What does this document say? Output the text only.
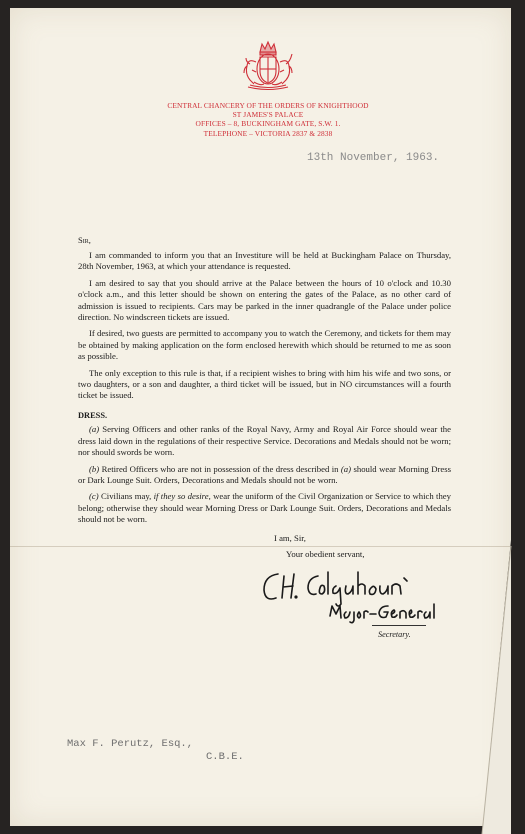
CENTRAL CHANCERY OF THE ORDERS OF KNIGHTHOOD
ST JAMES'S PALACE
OFFICES – 8, BUCKINGHAM GATE, S.W. 1.
TELEPHONE – VICTORIA 2837 & 2838
13th November, 1963.
Sir,

I am commanded to inform you that an Investiture will be held at Buckingham Palace on Thursday, 28th November, 1963, at which your attendance is requested.

I am desired to say that you should arrive at the Palace between the hours of 10 o'clock and 10.30 o'clock a.m., and this letter should be shown on entering the gates of the Palace, as no other card of admission is issued to recipients. Cars may be parked in the inner quadrangle of the Palace under police direction. No windscreen tickets are issued.

If desired, two guests are permitted to accompany you to watch the Ceremony, and tickets for them may be obtained by making application on the form enclosed herewith which should be returned to me as soon as possible.

The only exception to this rule is that, if a recipient wishes to bring with him his wife and two sons, or two daughters, or a son and daughter, a third ticket will be issued, but in NO circumstances will a fourth ticket be issued.

DRESS.

(a) Serving Officers and other ranks of the Royal Navy, Army and Royal Air Force should wear the dress laid down in the regulations of their respective Service. Decorations and Medals should not be worn; nor should swords be worn.

(b) Retired Officers who are not in possession of the dress described in (a) should wear Morning Dress or Dark Lounge Suit. Orders, Decorations and Medals should not be worn.

(c) Civilians may, if they so desire, wear the uniform of the Civil Organization or Service to which they belong; otherwise they should wear Morning Dress or Dark Lounge Suit. Orders, Decorations and Medals should not be worn.

I am, Sir,
Your obedient servant,
Secretary.
Max F. Perutz, Esq.,
C.B.E.
